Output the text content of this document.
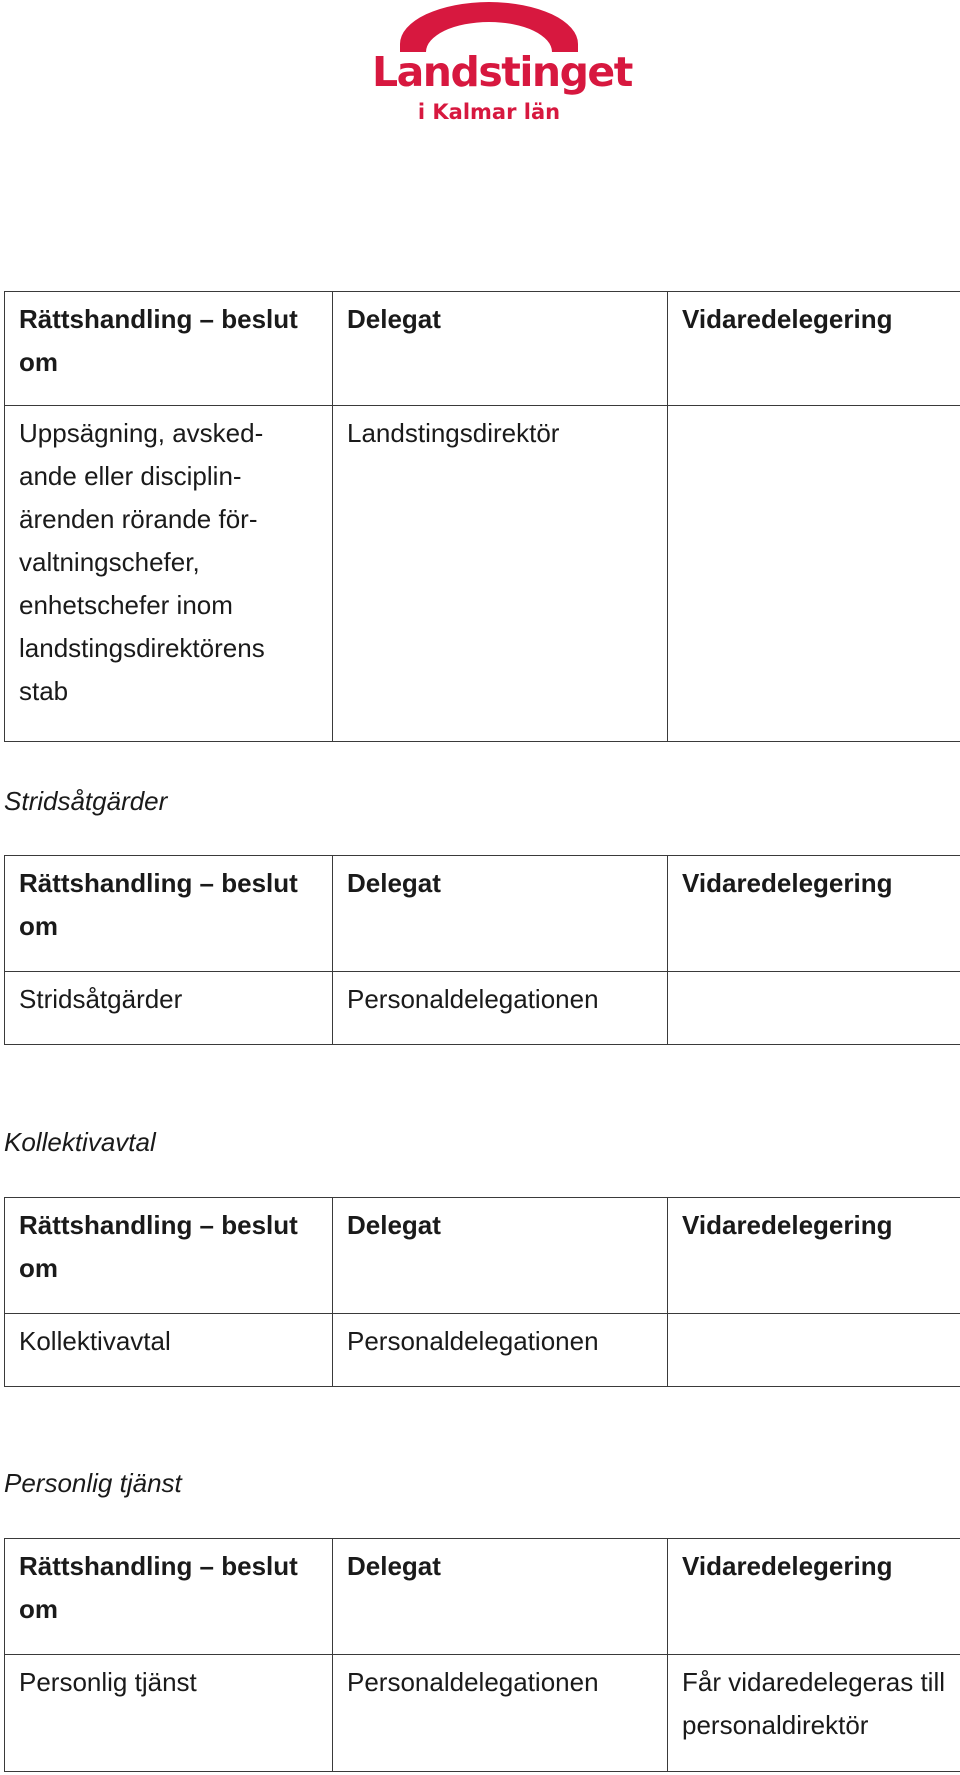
Landstinget
i Kalmar län
Rättshandling – beslut om	Delegat	Vidaredelegering
Uppsägning, avsked-ande eller disciplin-ärenden rörande för-valtningschefer, enhetschefer inom landstingsdirektörens stab	Landstingsdirektör	
Stridsåtgärder
Rättshandling – beslut om	Delegat	Vidaredelegering
Stridsåtgärder	Personaldelegationen	
Kollektivavtal
Rättshandling – beslut om	Delegat	Vidaredelegering
Kollektivavtal	Personaldelegationen	
Personlig tjänst
Rättshandling – beslut om	Delegat	Vidaredelegering
Personlig tjänst	Personaldelegationen	Får vidaredelegeras till personaldirektör
